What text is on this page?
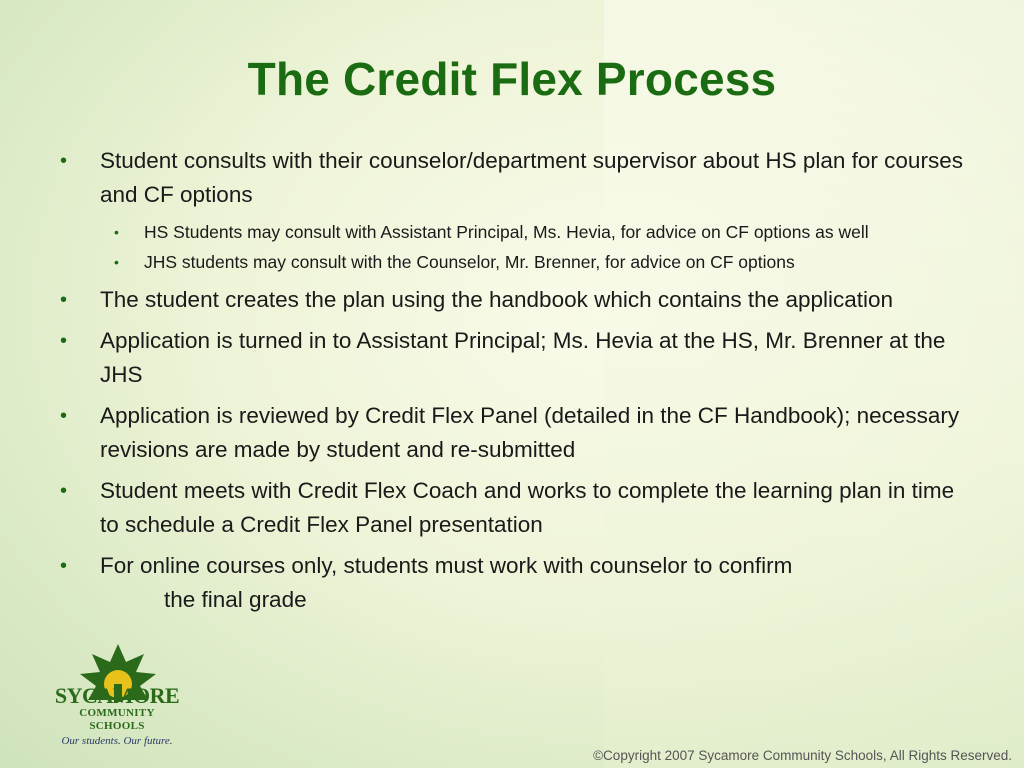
The Credit Flex Process
• Student consults with their counselor/department supervisor about HS plan for courses and CF options
• HS Students may consult with Assistant Principal, Ms. Hevia, for advice on CF options as well
• JHS students may consult with the Counselor, Mr. Brenner, for advice on CF options
• The student creates the plan using the handbook which contains the application
• Application is turned in to Assistant Principal; Ms. Hevia at the HS, Mr. Brenner at the JHS
• Application is reviewed by Credit Flex Panel (detailed in the CF Handbook); necessary revisions are made by student and re-submitted
• Student meets with Credit Flex Coach and works to complete the learning plan in time to schedule a Credit Flex Panel presentation
• For online courses only, students must work with counselor to confirm
the final grade
SYCAMORE
COMMUNITY SCHOOLS
Our students. Our future.
©Copyright 2007 Sycamore Community Schools, All Rights Reserved.
